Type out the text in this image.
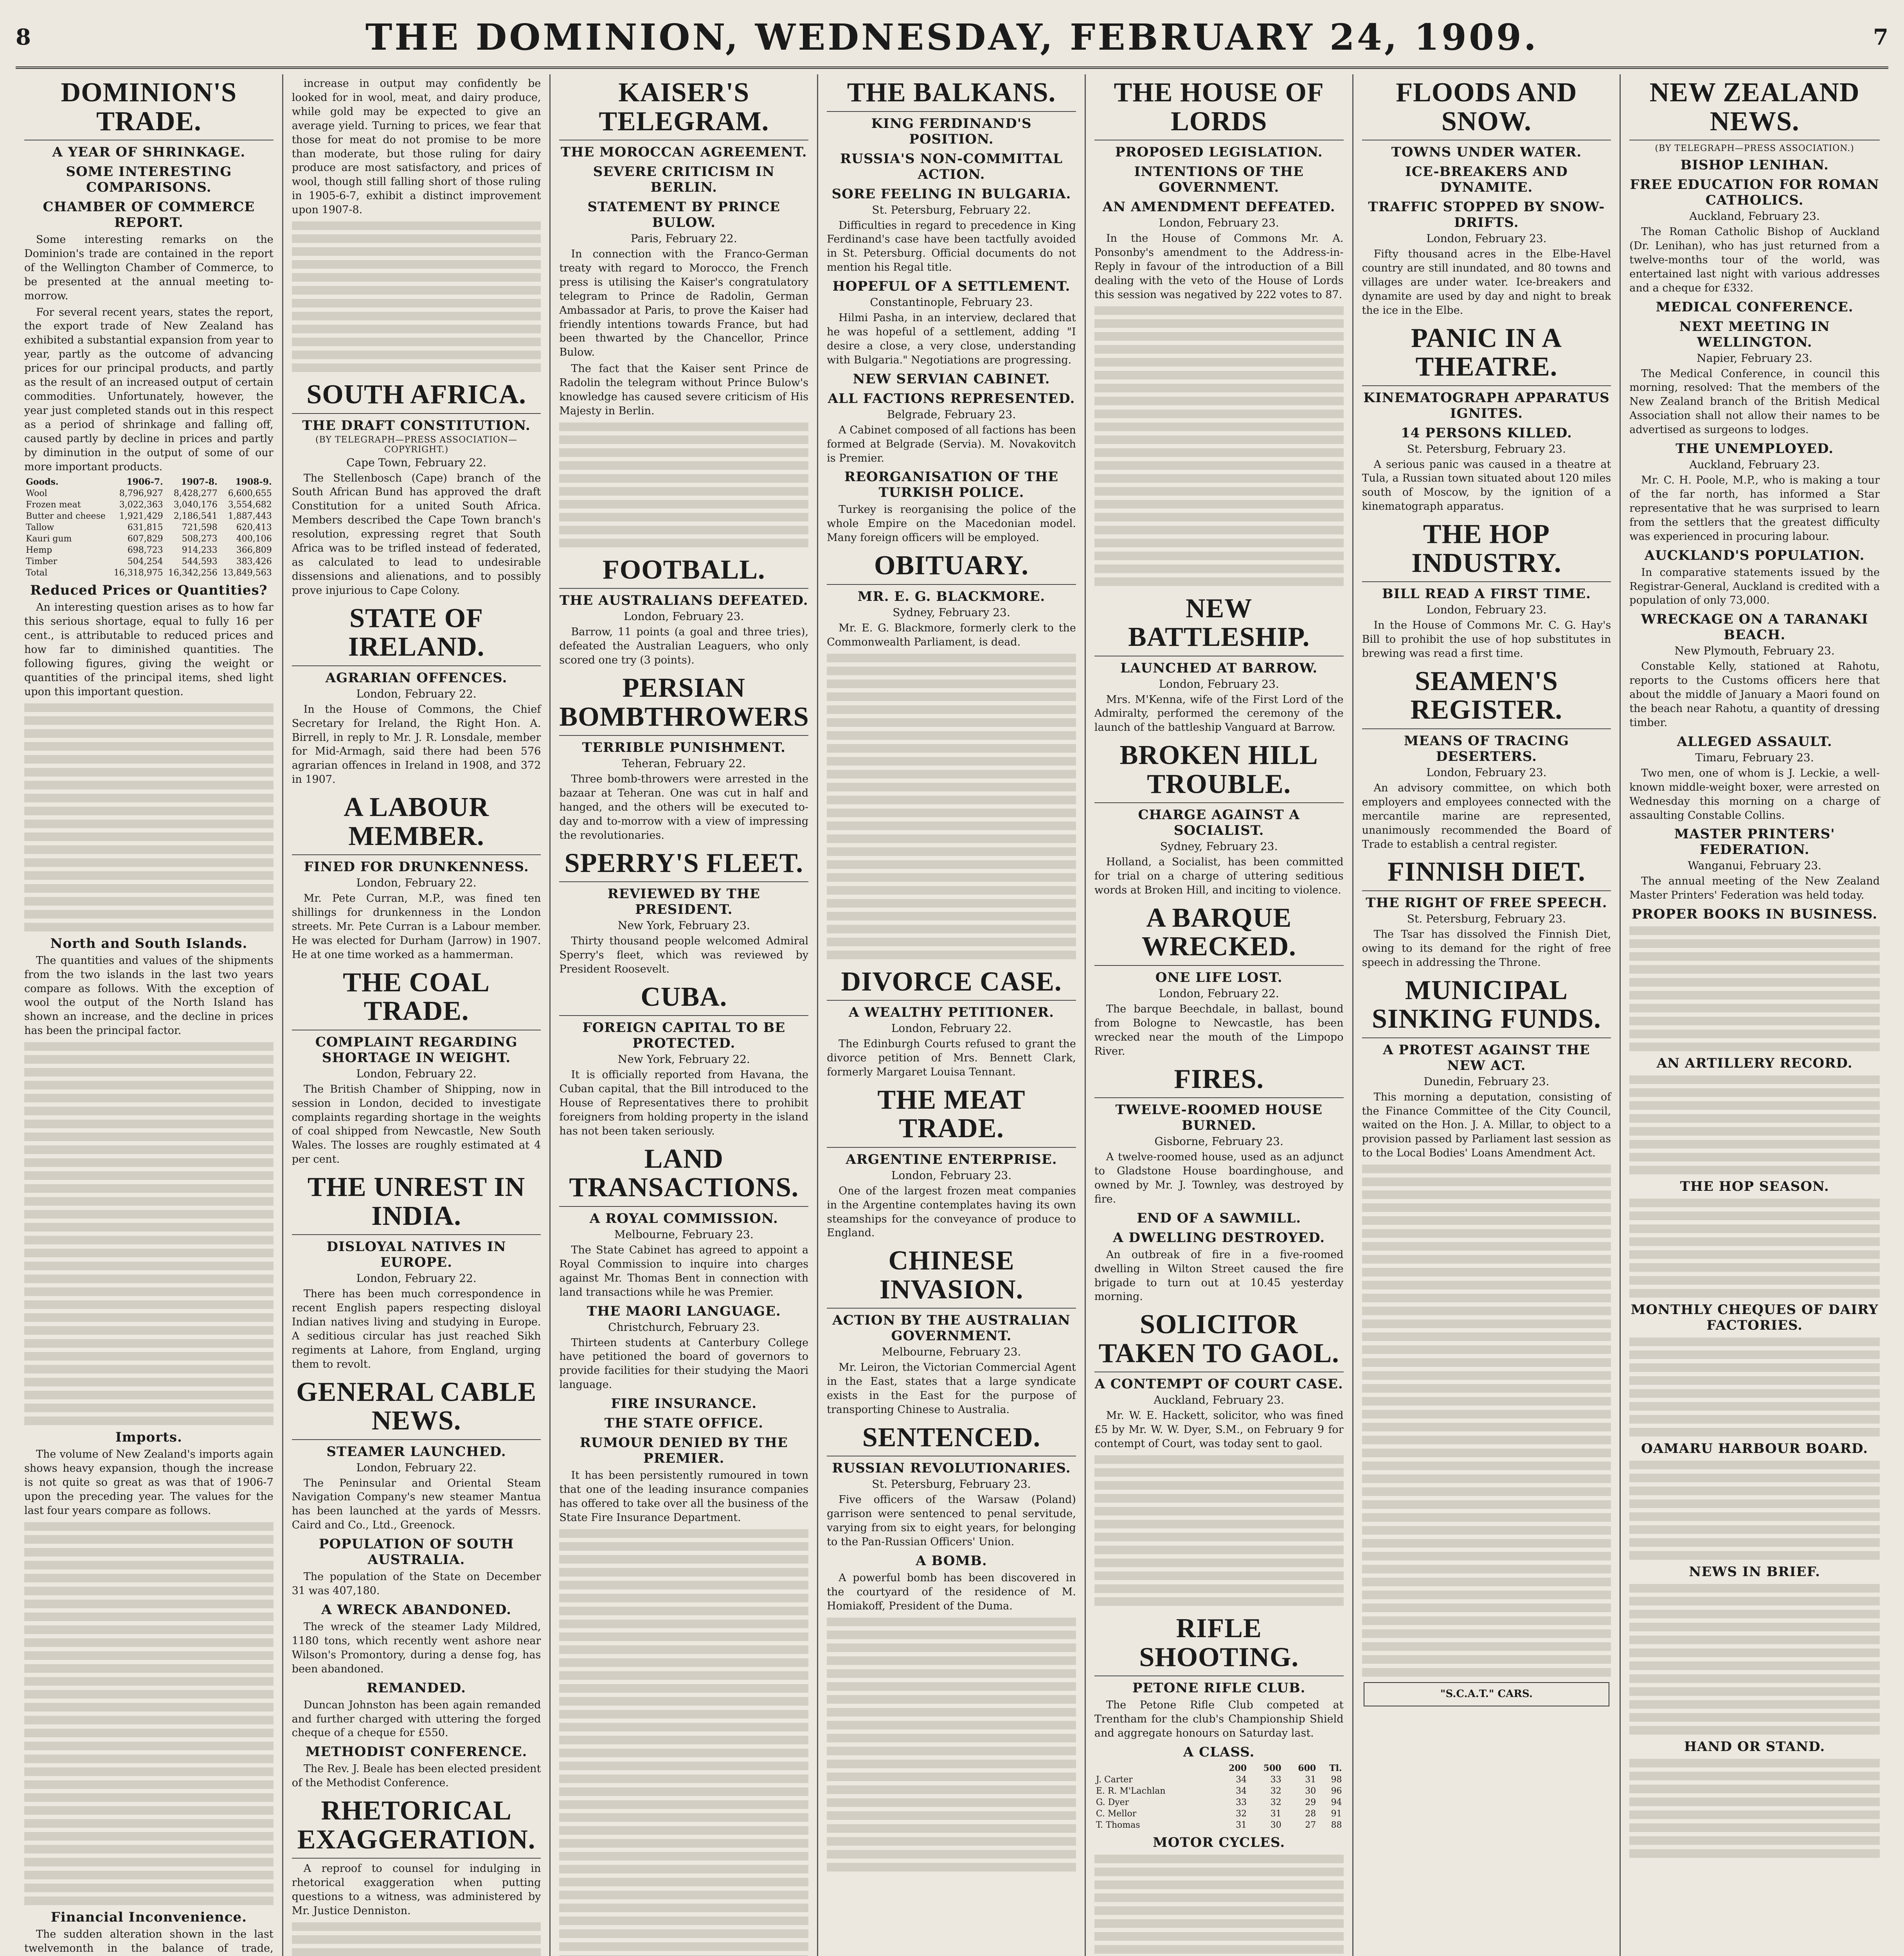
8	THE DOMINION, WEDNESDAY, FEBRUARY 24, 1909.	7
DOMINION'S TRADE.
A YEAR OF SHRINKAGE.
SOME INTERESTING COMPARISONS.
CHAMBER OF COMMERCE REPORT.

Some interesting remarks on the Dominion's trade are contained in the report of the Wellington Chamber of Commerce, to be presented at the annual meeting to-morrow.

For several recent years, states the report, the export trade of New Zealand has exhibited a substantial expansion from year to year, partly as the outcome of advancing prices for our principal products, and partly as the result of an increased output of certain commodities. Unfortunately, however, the year just completed stands out in this respect as a period of shrinkage and falling off, caused partly by decline in prices and partly by diminution in the output of some of our more important products.

Goods.	1906-7.	1907-8.	1908-9.
Wool	8,796,927	8,428,277	6,600,655
Frozen meat	3,022,363	3,040,176	3,554,682
Butter and cheese	1,921,429	2,186,541	1,887,443
Tallow	631,815	721,598	620,413
Kauri gum	607,829	508,273	400,106
Hemp	698,723	914,233	366,809
Timber	504,254	544,593	383,426
Total	16,318,975	16,342,256	13,849,563
Reduced Prices or Quantities?

An interesting question arises as to how far this serious shortage, equal to fully 16 per cent., is attributable to reduced prices and how far to diminished quantities. The following figures, giving the weight or quantities of the principal items, shed light upon this important question.

North and South Islands.

The quantities and values of the shipments from the two islands in the last two years compare as follows. With the exception of wool the output of the North Island has shown an increase, and the decline in prices has been the principal factor.

Imports.

The volume of New Zealand's imports again shows heavy expansion, though the increase is not quite so great as was that of 1906-7 upon the preceding year. The values for the last four years compare as follows.

Financial Inconvenience.

The sudden alteration shown in the last twelvemonth in the balance of trade,

increase in output may confidently be looked for in wool, meat, and dairy produce, while gold may be expected to give an average yield. Turning to prices, we fear that those for meat do not promise to be more than moderate, but those ruling for dairy produce are most satisfactory, and prices of wool, though still falling short of those ruling in 1905-6-7, exhibit a distinct improvement upon 1907-8.

SOUTH AFRICA.
THE DRAFT CONSTITUTION.
(BY TELEGRAPH—PRESS ASSOCIATION—COPYRIGHT.)
Cape Town, February 22.

The Stellenbosch (Cape) branch of the South African Bund has approved the draft Constitution for a united South Africa. Members described the Cape Town branch's resolution, expressing regret that South Africa was to be trifled instead of federated, as calculated to lead to undesirable dissensions and alienations, and to possibly prove injurious to Cape Colony.

STATE OF IRELAND.
AGRARIAN OFFENCES.
London, February 22.

In the House of Commons, the Chief Secretary for Ireland, the Right Hon. A. Birrell, in reply to Mr. J. R. Lonsdale, member for Mid-Armagh, said there had been 576 agrarian offences in Ireland in 1908, and 372 in 1907.

A LABOUR MEMBER.
FINED FOR DRUNKENNESS.
London, February 22.

Mr. Pete Curran, M.P., was fined ten shillings for drunkenness in the London streets. Mr. Pete Curran is a Labour member. He was elected for Durham (Jarrow) in 1907. He at one time worked as a hammerman.

THE COAL TRADE.
COMPLAINT REGARDING SHORTAGE IN WEIGHT.
London, February 22.

The British Chamber of Shipping, now in session in London, decided to investigate complaints regarding shortage in the weights of coal shipped from Newcastle, New South Wales. The losses are roughly estimated at 4 per cent.

THE UNREST IN INDIA.
DISLOYAL NATIVES IN EUROPE.
London, February 22.

There has been much correspondence in recent English papers respecting disloyal Indian natives living and studying in Europe. A seditious circular has just reached Sikh regiments at Lahore, from England, urging them to revolt.

GENERAL CABLE NEWS.
STEAMER LAUNCHED.
London, February 22.

The Peninsular and Oriental Steam Navigation Company's new steamer Mantua has been launched at the yards of Messrs. Caird and Co., Ltd., Greenock.

POPULATION OF SOUTH AUSTRALIA.

The population of the State on December 31 was 407,180.

A WRECK ABANDONED.

The wreck of the steamer Lady Mildred, 1180 tons, which recently went ashore near Wilson's Promontory, during a dense fog, has been abandoned.

REMANDED.

Duncan Johnston has been again remanded and further charged with uttering the forged cheque of a cheque for £550.

METHODIST CONFERENCE.

The Rev. J. Beale has been elected president of the Methodist Conference.

RHETORICAL EXAGGERATION.

A reproof to counsel for indulging in rhetorical exaggeration when putting questions to a witness, was administered by Mr. Justice Denniston.

KAISER'S TELEGRAM.
THE MOROCCAN AGREEMENT.
SEVERE CRITICISM IN BERLIN.
STATEMENT BY PRINCE BULOW.
Paris, February 22.

In connection with the Franco-German treaty with regard to Morocco, the French press is utilising the Kaiser's congratulatory telegram to Prince de Radolin, German Ambassador at Paris, to prove the Kaiser had friendly intentions towards France, but had been thwarted by the Chancellor, Prince Bulow.

The fact that the Kaiser sent Prince de Radolin the telegram without Prince Bulow's knowledge has caused severe criticism of His Majesty in Berlin.

FOOTBALL.
THE AUSTRALIANS DEFEATED.
London, February 23.

Barrow, 11 points (a goal and three tries), defeated the Australian Leaguers, who only scored one try (3 points).

PERSIAN BOMBTHROWERS
TERRIBLE PUNISHMENT.
Teheran, February 22.

Three bomb-throwers were arrested in the bazaar at Teheran. One was cut in half and hanged, and the others will be executed to-day and to-morrow with a view of impressing the revolutionaries.

SPERRY'S FLEET.
REVIEWED BY THE PRESIDENT.
New York, February 23.

Thirty thousand people welcomed Admiral Sperry's fleet, which was reviewed by President Roosevelt.

CUBA.
FOREIGN CAPITAL TO BE PROTECTED.
New York, February 22.

It is officially reported from Havana, the Cuban capital, that the Bill introduced to the House of Representatives there to prohibit foreigners from holding property in the island has not been taken seriously.

LAND TRANSACTIONS.
A ROYAL COMMISSION.
Melbourne, February 23.

The State Cabinet has agreed to appoint a Royal Commission to inquire into charges against Mr. Thomas Bent in connection with land transactions while he was Premier.

THE MAORI LANGUAGE.
Christchurch, February 23.

Thirteen students at Canterbury College have petitioned the board of governors to provide facilities for their studying the Maori language.

FIRE INSURANCE.
THE STATE OFFICE.
RUMOUR DENIED BY THE PREMIER.

It has been persistently rumoured in town that one of the leading insurance companies has offered to take over all the business of the State Fire Insurance Department.

THE BALKANS.
KING FERDINAND'S POSITION.
RUSSIA'S NON-COMMITTAL ACTION.
SORE FEELING IN BULGARIA.
St. Petersburg, February 22.

Difficulties in regard to precedence in King Ferdinand's case have been tactfully avoided in St. Petersburg. Official documents do not mention his Regal title.

HOPEFUL OF A SETTLEMENT.
Constantinople, February 23.

Hilmi Pasha, in an interview, declared that he was hopeful of a settlement, adding "I desire a close, a very close, understanding with Bulgaria." Negotiations are progressing.

NEW SERVIAN CABINET.
ALL FACTIONS REPRESENTED.
Belgrade, February 23.

A Cabinet composed of all factions has been formed at Belgrade (Servia). M. Novakovitch is Premier.

REORGANISATION OF THE TURKISH POLICE.

Turkey is reorganising the police of the whole Empire on the Macedonian model. Many foreign officers will be employed.

OBITUARY.
MR. E. G. BLACKMORE.
Sydney, February 23.

Mr. E. G. Blackmore, formerly clerk to the Commonwealth Parliament, is dead.

DIVORCE CASE.
A WEALTHY PETITIONER.
London, February 22.

The Edinburgh Courts refused to grant the divorce petition of Mrs. Bennett Clark, formerly Margaret Louisa Tennant.

THE MEAT TRADE.
ARGENTINE ENTERPRISE.
London, February 23.

One of the largest frozen meat companies in the Argentine contemplates having its own steamships for the conveyance of produce to England.

CHINESE INVASION.
ACTION BY THE AUSTRALIAN GOVERNMENT.
Melbourne, February 23.

Mr. Leiron, the Victorian Commercial Agent in the East, states that a large syndicate exists in the East for the purpose of transporting Chinese to Australia.

SENTENCED.
RUSSIAN REVOLUTIONARIES.
St. Petersburg, February 23.

Five officers of the Warsaw (Poland) garrison were sentenced to penal servitude, varying from six to eight years, for belonging to the Pan-Russian Officers' Union.

A BOMB.

A powerful bomb has been discovered in the courtyard of the residence of M. Homiakoff, President of the Duma.

THE HOUSE OF LORDS
PROPOSED LEGISLATION.
INTENTIONS OF THE GOVERNMENT.
AN AMENDMENT DEFEATED.
London, February 23.

In the House of Commons Mr. A. Ponsonby's amendment to the Address-in-Reply in favour of the introduction of a Bill dealing with the veto of the House of Lords this session was negatived by 222 votes to 87.

NEW BATTLESHIP.
LAUNCHED AT BARROW.
London, February 23.

Mrs. M'Kenna, wife of the First Lord of the Admiralty, performed the ceremony of the launch of the battleship Vanguard at Barrow.

BROKEN HILL TROUBLE.
CHARGE AGAINST A SOCIALIST.
Sydney, February 23.

Holland, a Socialist, has been committed for trial on a charge of uttering seditious words at Broken Hill, and inciting to violence.

A BARQUE WRECKED.
ONE LIFE LOST.
London, February 22.

The barque Beechdale, in ballast, bound from Bologne to Newcastle, has been wrecked near the mouth of the Limpopo River.

FIRES.
TWELVE-ROOMED HOUSE BURNED.
Gisborne, February 23.

A twelve-roomed house, used as an adjunct to Gladstone House boardinghouse, and owned by Mr. J. Townley, was destroyed by fire.

END OF A SAWMILL.
A DWELLING DESTROYED.

An outbreak of fire in a five-roomed dwelling in Wilton Street caused the fire brigade to turn out at 10.45 yesterday morning.

SOLICITOR TAKEN TO GAOL.
A CONTEMPT OF COURT CASE.
Auckland, February 23.

Mr. W. E. Hackett, solicitor, who was fined £5 by Mr. W. W. Dyer, S.M., on February 9 for contempt of Court, was today sent to gaol.

RIFLE SHOOTING.
PETONE RIFLE CLUB.

The Petone Rifle Club competed at Trentham for the club's Championship Shield and aggregate honours on Saturday last.

A CLASS.
	200	500	600	Tl.
J. Carter	34	33	31	98
E. R. M'Lachlan	34	32	30	96
G. Dyer	33	32	29	94
C. Mellor	32	31	28	91
T. Thomas	31	30	27	88
MOTOR CYCLES.
FLOODS AND SNOW.
TOWNS UNDER WATER.
ICE-BREAKERS AND DYNAMITE.
TRAFFIC STOPPED BY SNOW-DRIFTS.
London, February 23.

Fifty thousand acres in the Elbe-Havel country are still inundated, and 80 towns and villages are under water. Ice-breakers and dynamite are used by day and night to break the ice in the Elbe.

PANIC IN A THEATRE.
KINEMATOGRAPH APPARATUS IGNITES.
14 PERSONS KILLED.
St. Petersburg, February 23.

A serious panic was caused in a theatre at Tula, a Russian town situated about 120 miles south of Moscow, by the ignition of a kinematograph apparatus.

THE HOP INDUSTRY.
BILL READ A FIRST TIME.
London, February 23.

In the House of Commons Mr. C. G. Hay's Bill to prohibit the use of hop substitutes in brewing was read a first time.

SEAMEN'S REGISTER.
MEANS OF TRACING DESERTERS.
London, February 23.

An advisory committee, on which both employers and employees connected with the mercantile marine are represented, unanimously recommended the Board of Trade to establish a central register.

FINNISH DIET.
THE RIGHT OF FREE SPEECH.
St. Petersburg, February 23.

The Tsar has dissolved the Finnish Diet, owing to its demand for the right of free speech in addressing the Throne.

MUNICIPAL SINKING FUNDS.
A PROTEST AGAINST THE NEW ACT.
Dunedin, February 23.

This morning a deputation, consisting of the Finance Committee of the City Council, waited on the Hon. J. A. Millar, to object to a provision passed by Parliament last session as to the Local Bodies' Loans Amendment Act.

"S.C.A.T." CARS.
NEW ZEALAND NEWS.
(BY TELEGRAPH—PRESS ASSOCIATION.)
BISHOP LENIHAN.
FREE EDUCATION FOR ROMAN CATHOLICS.
Auckland, February 23.

The Roman Catholic Bishop of Auckland (Dr. Lenihan), who has just returned from a twelve-months tour of the world, was entertained last night with various addresses and a cheque for £332.

MEDICAL CONFERENCE.
NEXT MEETING IN WELLINGTON.
Napier, February 23.

The Medical Conference, in council this morning, resolved: That the members of the New Zealand branch of the British Medical Association shall not allow their names to be advertised as surgeons to lodges.

THE UNEMPLOYED.
Auckland, February 23.

Mr. C. H. Poole, M.P., who is making a tour of the far north, has informed a Star representative that he was surprised to learn from the settlers that the greatest difficulty was experienced in procuring labour.

AUCKLAND'S POPULATION.

In comparative statements issued by the Registrar-General, Auckland is credited with a population of only 73,000.

WRECKAGE ON A TARANAKI BEACH.
New Plymouth, February 23.

Constable Kelly, stationed at Rahotu, reports to the Customs officers here that about the middle of January a Maori found on the beach near Rahotu, a quantity of dressing timber.

ALLEGED ASSAULT.
Timaru, February 23.

Two men, one of whom is J. Leckie, a well-known middle-weight boxer, were arrested on Wednesday this morning on a charge of assaulting Constable Collins.

MASTER PRINTERS' FEDERATION.
Wanganui, February 23.

The annual meeting of the New Zealand Master Printers' Federation was held today.

PROPER BOOKS IN BUSINESS.
AN ARTILLERY RECORD.
THE HOP SEASON.
MONTHLY CHEQUES OF DAIRY FACTORIES.
OAMARU HARBOUR BOARD.
NEWS IN BRIEF.
HAND OR STAND.
